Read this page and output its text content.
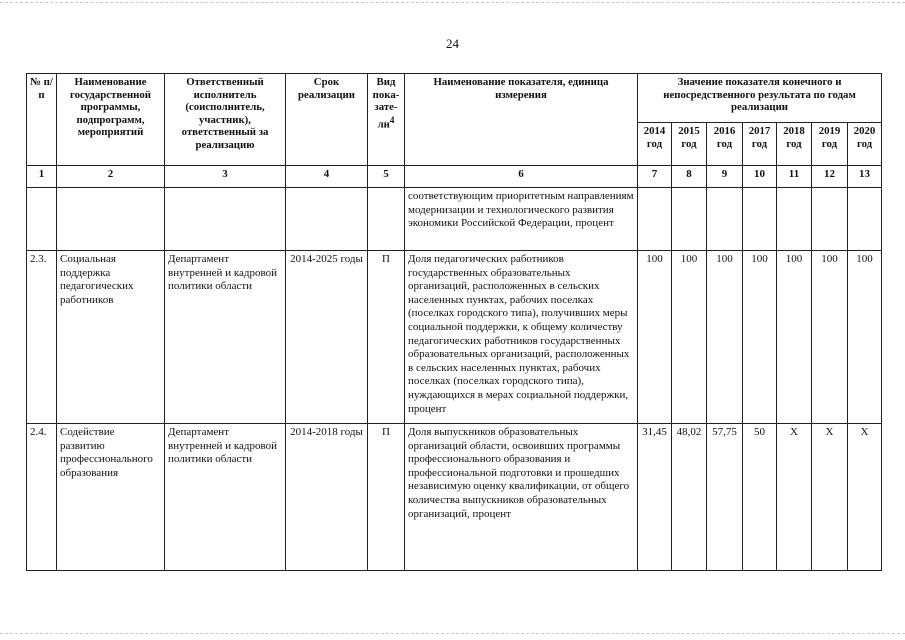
24
№ п/п	Наименование государственной программы, подпрограмм, мероприятий	Ответственный исполнитель (соисполнитель, участник), ответственный за реализацию	Срок реализации	Вид пока-$зате-ли^4$	Наименование показателя, единица измерения	Значение показателя конечного и непосредственного результата по годам реализации						
						2014 год	2015 год	2016 год	2017 год	2018 год	2019 год	2020 год
1	2	3	4	5	6	7	8	9	10	11	12	13
					соответствующим приоритетным направлениям модернизации и технологического развития экономики Российской Федерации, процент							
2.3.	Социальная поддержка педагогических работников	Департамент внутренней и кадровой политики области	2014-2025 годы	П	Доля педагогических работников государственных образовательных организаций, расположенных в сельских населенных пунктах, рабочих поселках (поселках городского типа), получивших меры социальной поддержки, к общему количеству педагогических работников государственных образовательных организаций, расположенных в сельских населенных пунктах, рабочих поселках (поселках городского типа), нуждающихся в мерах социальной поддержки, процент	100	100	100	100	100	100	100
2.4.	Содействие развитию профессионального образования	Департамент внутренней и кадровой политики области	2014-2018 годы	П	Доля выпускников образовательных организаций области, освоивших программы профессионального образования и профессиональной подготовки и прошедших независимую оценку квалификации, от общего количества выпускников образовательных организаций, процент	31,45	48,02	57,75	50	Х	Х	Х
